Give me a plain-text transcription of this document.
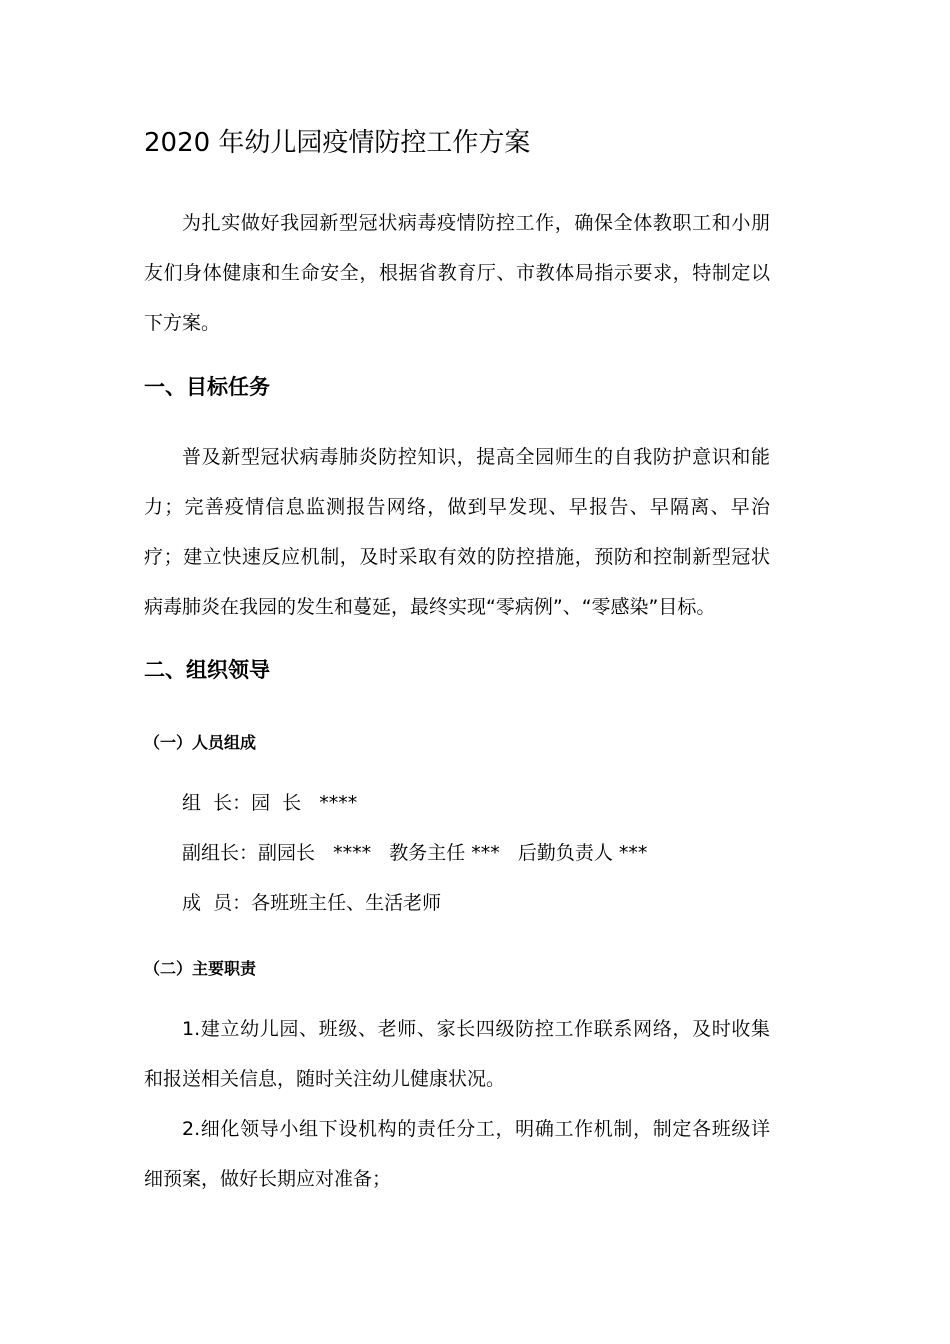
2020 年幼儿园疫情防控工作方案

为扎实做好我园新型冠状病毒疫情防控工作，确保全体教职工和小朋友们身体健康和生命安全，根据省教育厅、市教体局指示要求，特制定以下方案。

一、目标任务

普及新型冠状病毒肺炎防控知识，提高全园师生的自我防护意识和能力；完善疫情信息监测报告网络，做到早发现、早报告、早隔离、早治疗；建立快速反应机制，及时采取有效的防控措施，预防和控制新型冠状病毒肺炎在我园的发生和蔓延，最终实现“零病例”、“零感染”目标。

二、组织领导
（一）人员组成

组  长：园  长   ****

副组长：副园长   ****   教务主任 ***   后勤负责人 ***

成  员：各班班主任、生活老师

（二）主要职责

1.建立幼儿园、班级、老师、家长四级防控工作联系网络，及时收集和报送相关信息，随时关注幼儿健康状况。

2.细化领导小组下设机构的责任分工，明确工作机制，制定各班级详细预案，做好长期应对准备；
